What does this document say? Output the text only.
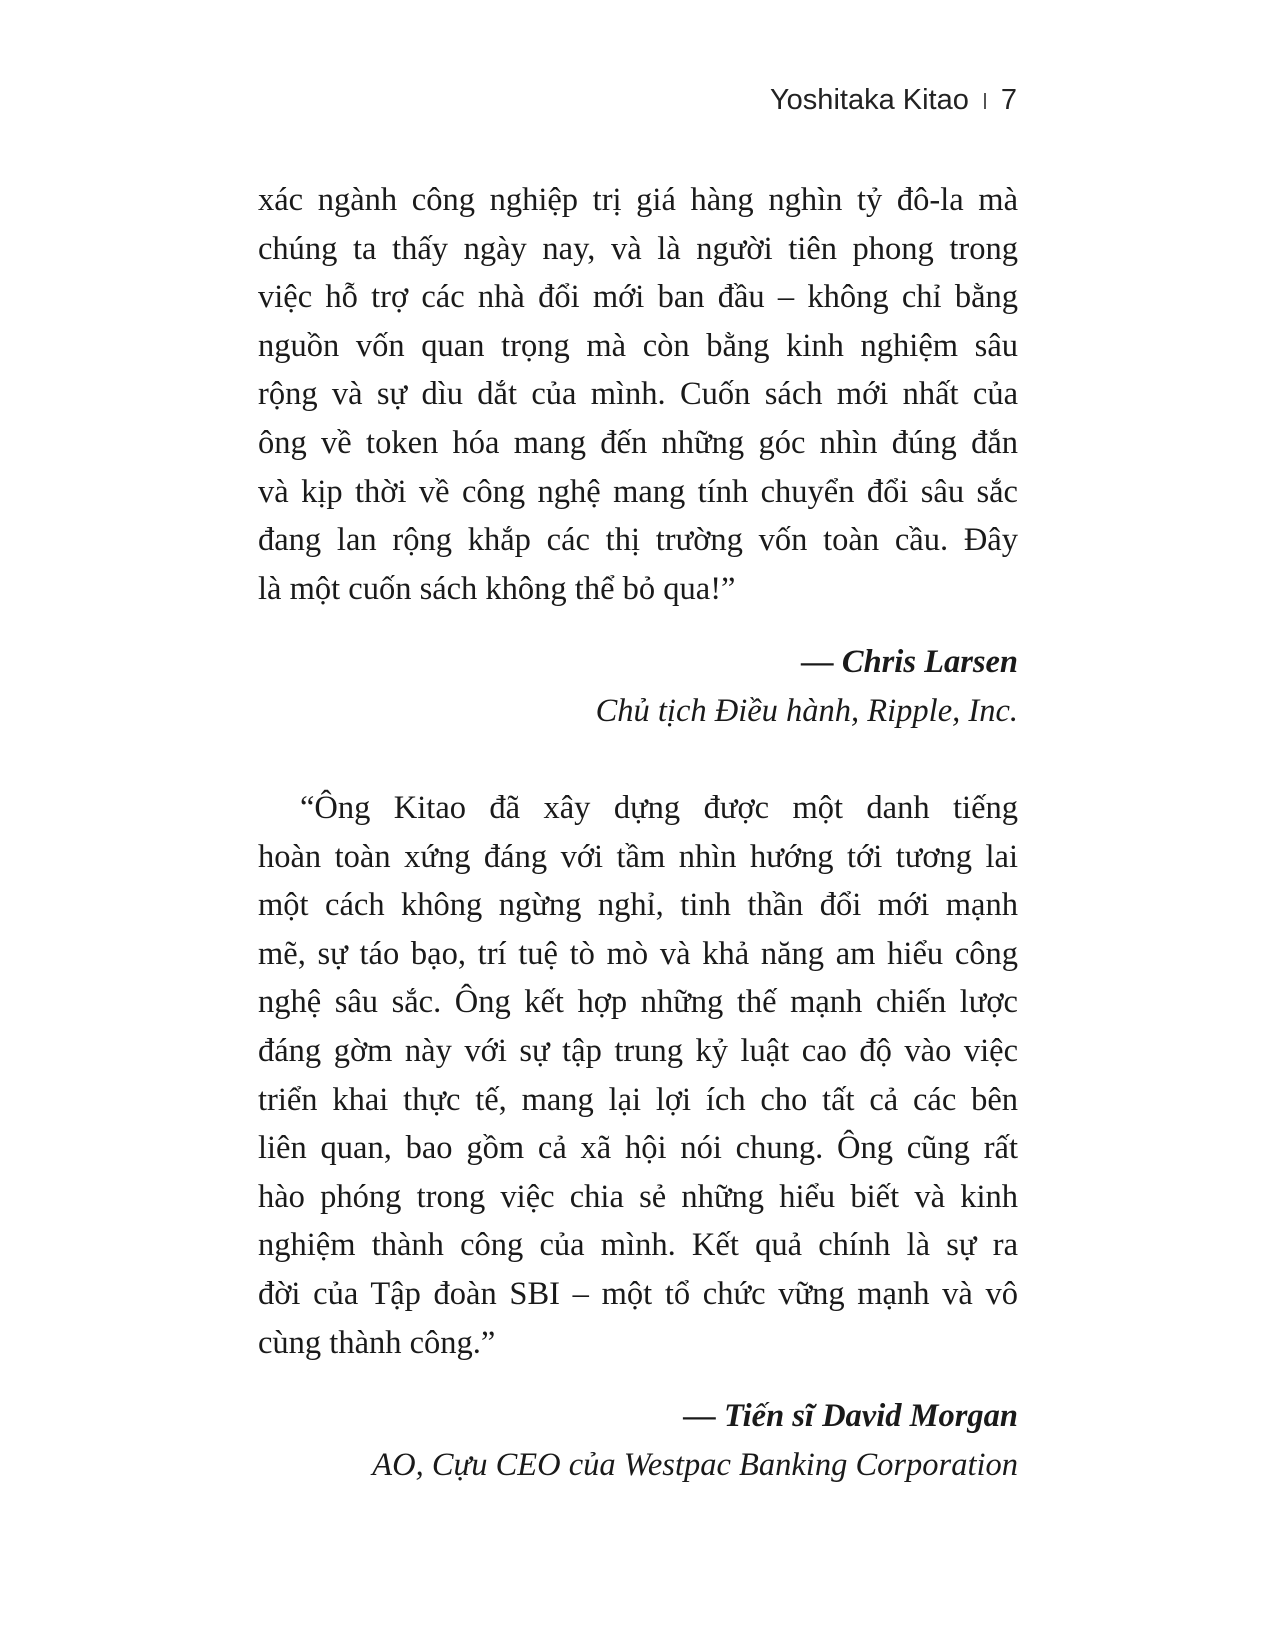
Yoshitaka Kitao 7

xác ngành công nghiệp trị giá hàng nghìn tỷ đô-la mà
chúng ta thấy ngày nay, và là người tiên phong trong
việc hỗ trợ các nhà đổi mới ban đầu – không chỉ bằng
nguồn vốn quan trọng mà còn bằng kinh nghiệm sâu
rộng và sự dìu dắt của mình. Cuốn sách mới nhất của
ông về token hóa mang đến những góc nhìn đúng đắn
và kịp thời về công nghệ mang tính chuyển đổi sâu sắc
đang lan rộng khắp các thị trường vốn toàn cầu. Đây
là một cuốn sách không thể bỏ qua!”

— Chris Larsen
Chủ tịch Điều hành, Ripple, Inc.

“Ông Kitao đã xây dựng được một danh tiếng
hoàn toàn xứng đáng với tầm nhìn hướng tới tương lai
một cách không ngừng nghỉ, tinh thần đổi mới mạnh
mẽ, sự táo bạo, trí tuệ tò mò và khả năng am hiểu công
nghệ sâu sắc. Ông kết hợp những thế mạnh chiến lược
đáng gờm này với sự tập trung kỷ luật cao độ vào việc
triển khai thực tế, mang lại lợi ích cho tất cả các bên
liên quan, bao gồm cả xã hội nói chung. Ông cũng rất
hào phóng trong việc chia sẻ những hiểu biết và kinh
nghiệm thành công của mình. Kết quả chính là sự ra
đời của Tập đoàn SBI – một tổ chức vững mạnh và vô
cùng thành công.”

— Tiến sĩ David Morgan
AO, Cựu CEO của Westpac Banking Corporation
